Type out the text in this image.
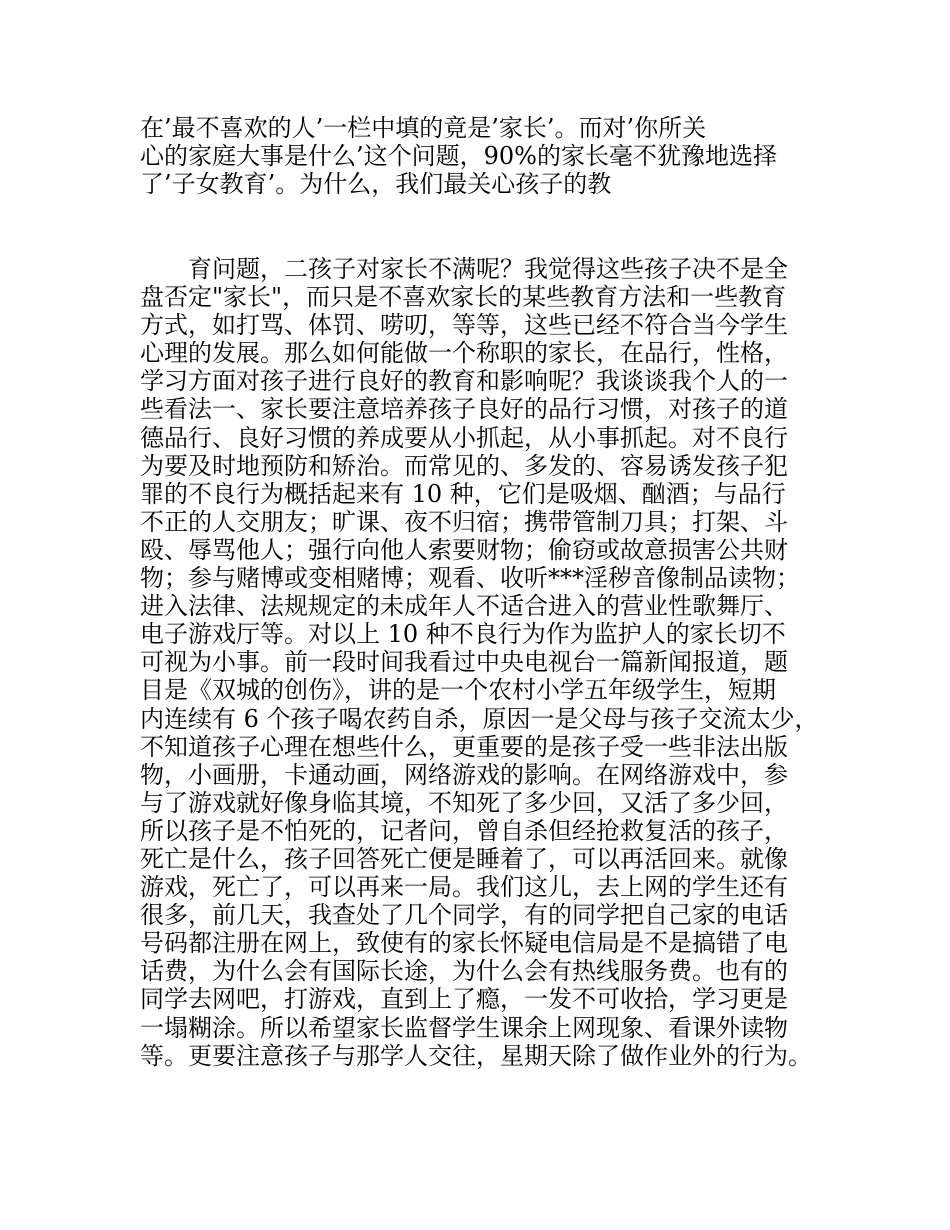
在’最不喜欢的人’一栏中填的竟是’家长’。而对’你所关
心的家庭大事是什么’这个问题，90%的家长毫不犹豫地选择
了’子女教育’。为什么，我们最关心孩子的教
　　育问题，二孩子对家长不满呢？我觉得这些孩子决不是全
盘否定"家长"，而只是不喜欢家长的某些教育方法和一些教育
方式，如打骂、体罚、唠叨，等等，这些已经不符合当今学生
心理的发展。那么如何能做一个称职的家长，在品行，性格，
学习方面对孩子进行良好的教育和影响呢？我谈谈我个人的一
些看法一、家长要注意培养孩子良好的品行习惯，对孩子的道
德品行、良好习惯的养成要从小抓起，从小事抓起。对不良行
为要及时地预防和矫治。而常见的、多发的、容易诱发孩子犯
罪的不良行为概括起来有 10 种，它们是吸烟、酗酒；与品行
不正的人交朋友；旷课、夜不归宿；携带管制刀具；打架、斗
殴、辱骂他人；强行向他人索要财物；偷窃或故意损害公共财
物；参与赌博或变相赌博；观看、收听***淫秽音像制品读物；
进入法律、法规规定的未成年人不适合进入的营业性歌舞厅、
电子游戏厅等。对以上 10 种不良行为作为监护人的家长切不
可视为小事。前一段时间我看过中央电视台一篇新闻报道，题
目是《双城的创伤》，讲的是一个农村小学五年级学生，短期
内连续有 6 个孩子喝农药自杀，原因一是父母与孩子交流太少，
不知道孩子心理在想些什么，更重要的是孩子受一些非法出版
物，小画册，卡通动画，网络游戏的影响。在网络游戏中，参
与了游戏就好像身临其境，不知死了多少回，又活了多少回，
所以孩子是不怕死的，记者问，曾自杀但经抢救复活的孩子，
死亡是什么，孩子回答死亡便是睡着了，可以再活回来。就像
游戏，死亡了，可以再来一局。我们这儿，去上网的学生还有
很多，前几天，我查处了几个同学，有的同学把自己家的电话
号码都注册在网上，致使有的家长怀疑电信局是不是搞错了电
话费，为什么会有国际长途，为什么会有热线服务费。也有的
同学去网吧，打游戏，直到上了瘾，一发不可收拾，学习更是
一塌糊涂。所以希望家长监督学生课余上网现象、看课外读物
等。更要注意孩子与那学人交往，星期天除了做作业外的行为。
